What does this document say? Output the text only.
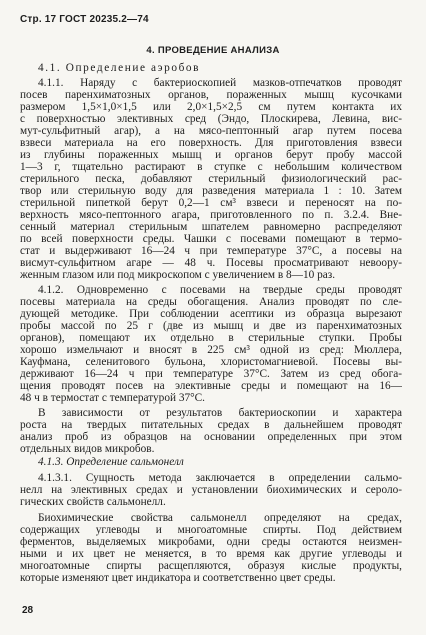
Стр. 17 ГОСТ 20235.2—74
4. ПРОВЕДЕНИЕ АНАЛИЗА
4.1. Определение аэробов
4.1.1. Наряду с бактериоскопией мазков-отпечатков проводят
посев паренхиматозных органов, пораженных мышц кусочками
размером 1,5×1,0×1,5 или 2,0×1,5×2,5 см путем контакта их
с поверхностью элективных сред (Эндо, Плоскирева, Левина, вис-
мут-сульфитный агар), а на мясо-пептонный агар путем посева
взвеси материала на его поверхность. Для приготовления взвеси
из глубины пораженных мышц и органов берут пробу массой
1—3 г, тщательно растирают в ступке с небольшим количеством
стерильного песка, добавляют стерильный физиологический рас-
твор или стерильную воду для разведения материала 1 : 10. Затем
стерильной пипеткой берут 0,2—1 см³ взвеси и переносят на по-
верхность мясо-пептонного агара, приготовленного по п. 3.2.4. Вне-
сенный материал стерильным шпателем равномерно распределяют
по всей поверхности среды. Чашки с посевами помещают в термо-
стат и выдерживают 16—24 ч при температуре 37°С, а посевы на
висмут-сульфитном агаре — 48 ч. Посевы просматривают невоору-
женным глазом или под микроскопом с увеличением в 8—10 раз.
4.1.2. Одновременно с посевами на твердые среды проводят
посевы материала на среды обогащения. Анализ проводят по сле-
дующей методике. При соблюдении асептики из образца вырезают
пробы массой по 25 г (две из мышц и две из паренхиматозных
органов), помещают их отдельно в стерильные ступки. Пробы
хорошо измельчают и вносят в 225 см³ одной из сред: Мюллера,
Кауфмана, селенитового бульона, хлористомагниевой. Посевы вы-
держивают 16—24 ч при температуре 37°С. Затем из сред обога-
щения проводят посев на элективные среды и помещают на 16—
48 ч в термостат с температурой 37°С.
В зависимости от результатов бактериоскопии и характера
роста на твердых питательных средах в дальнейшем проводят
анализ проб из образцов на основании определенных при этом
отдельных видов микробов.
4.1.3. Определение сальмонелл
4.1.3.1. Сущность метода заключается в определении сальмо-
нелл на элективных средах и установлении биохимических и сероло-
гических свойств сальмонелл.
Биохимические свойства сальмонелл определяют на средах,
содержащих углеводы и многоатомные спирты. Под действием
ферментов, выделяемых микробами, одни среды остаются неизмен-
ными и их цвет не меняется, в то время как другие углеводы и
многоатомные спирты расщепляются, образуя кислые продукты,
которые изменяют цвет индикатора и соответственно цвет среды.
28
